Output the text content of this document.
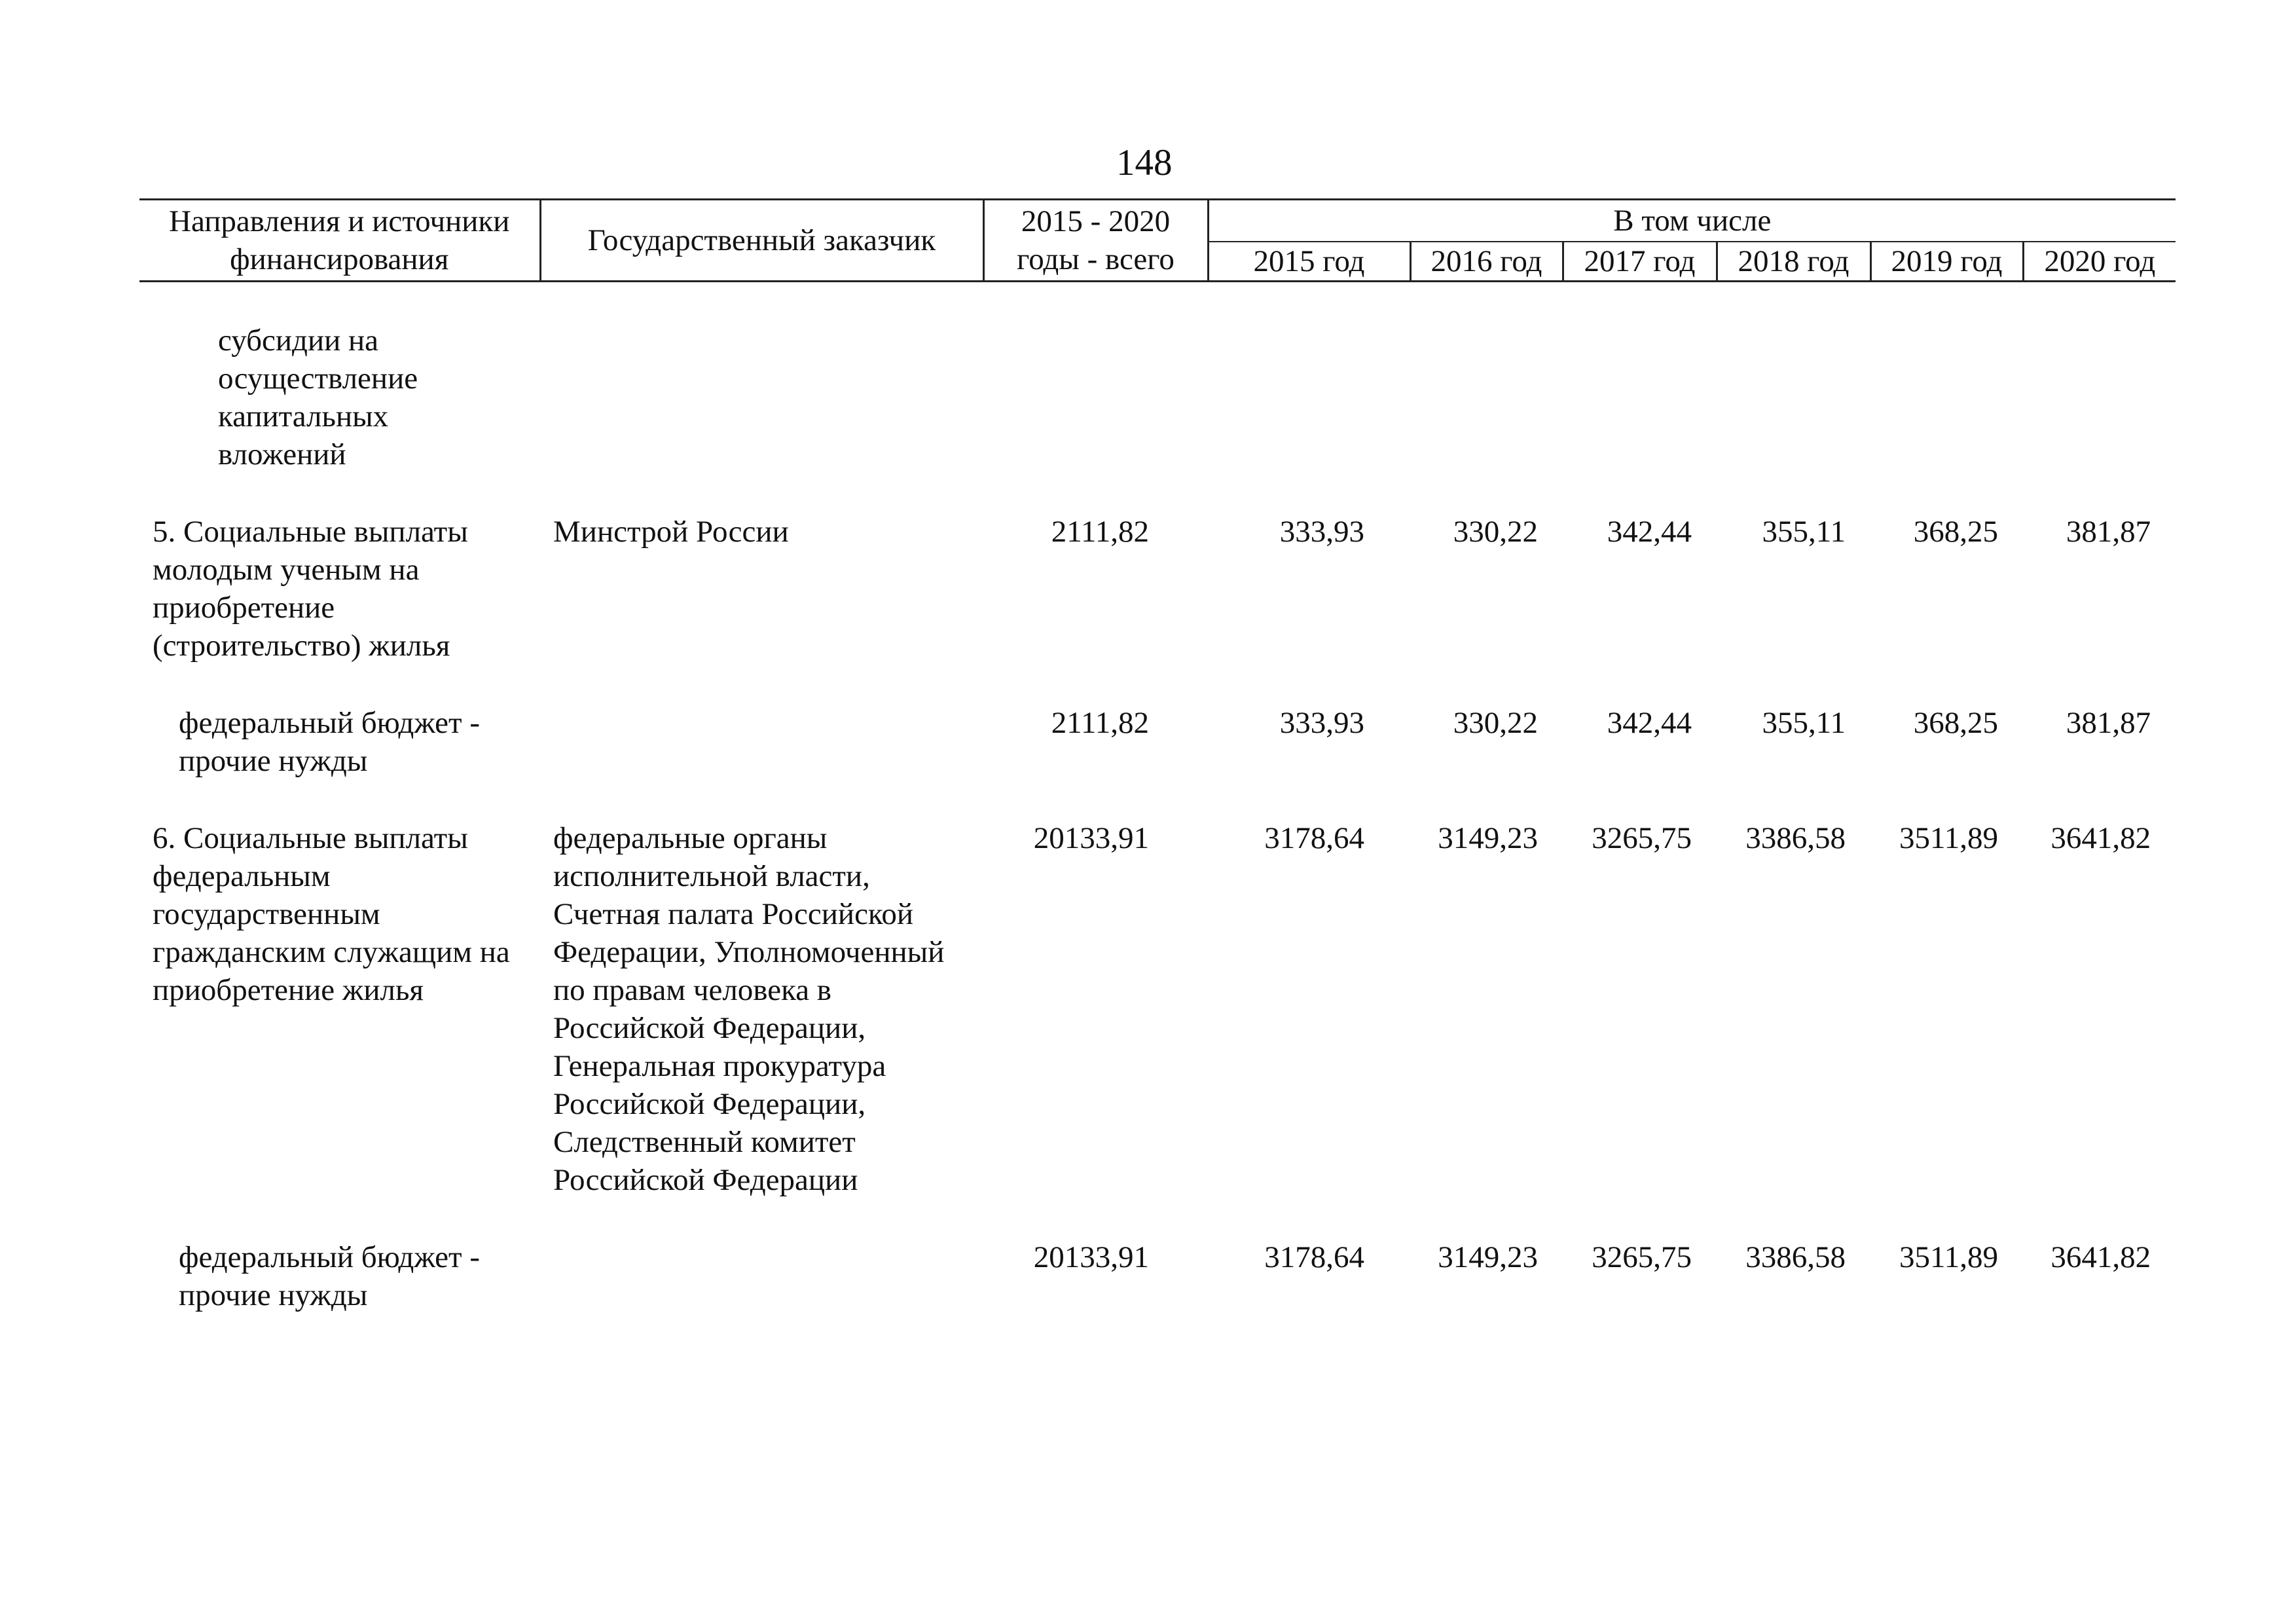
148
Направления и источники финансирования	Государственный заказчик	2015 - 2020 годы - всего	В том числе					
			2015 год	2016 год	2017 год	2018 год	2019 год	2020 год

субсидии на осуществление капитальных вложений								

5. Социальные выплаты молодым ученым на приобретение (строительство) жилья	Минстрой России	2111,82	333,93	330,22	342,44	355,11	368,25	381,87

федеральный бюджет - прочие нужды		2111,82	333,93	330,22	342,44	355,11	368,25	381,87

6. Социальные выплаты федеральным государственным гражданским служащим на приобретение жилья	федеральные органы исполнительной власти, Счетная палата Российской Федерации, Уполномоченный по правам человека в Российской Федерации, Генеральная прокуратура Российской Федерации, Следственный комитет Российской Федерации	20133,91	3178,64	3149,23	3265,75	3386,58	3511,89	3641,82

федеральный бюджет - прочие нужды		20133,91	3178,64	3149,23	3265,75	3386,58	3511,89	3641,82
